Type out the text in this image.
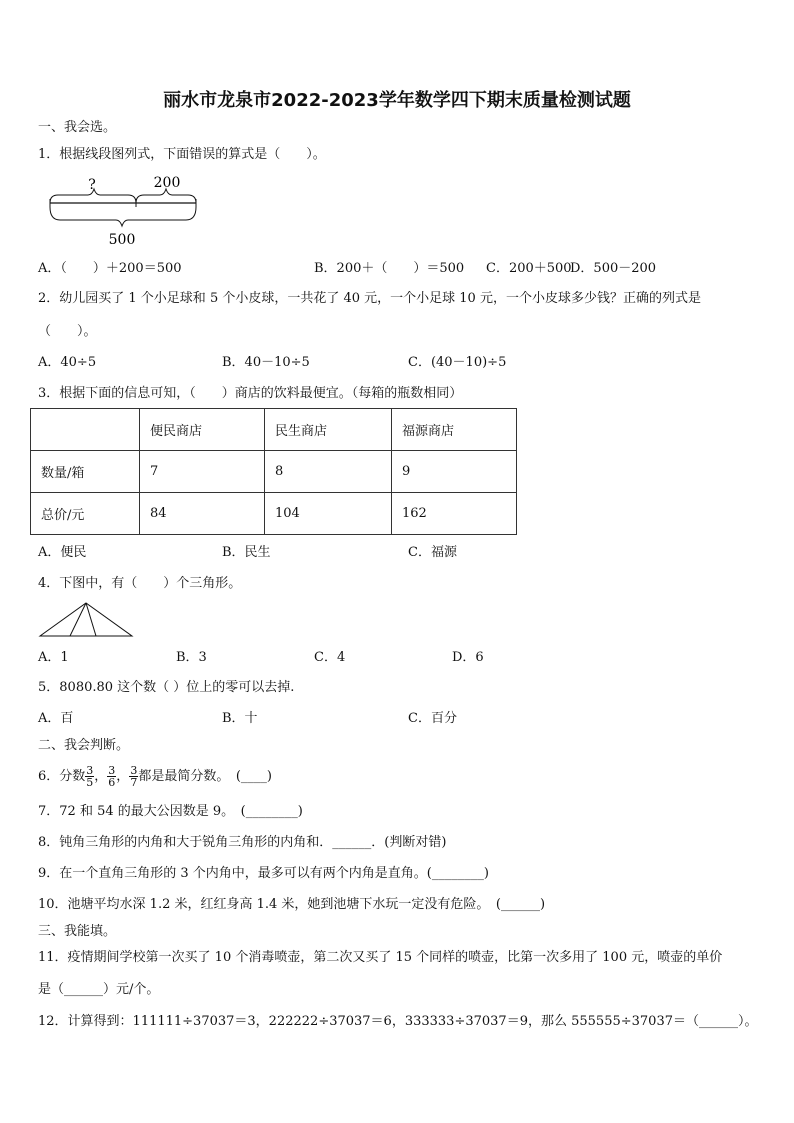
丽水市龙泉市2022-2023学年数学四下期末质量检测试题
一、我会选。
1．根据线段图列式，下面错误的算式是（　　）。
?	200
500
A．（　　）＋200＝500	B．200＋（　　）＝500 C．200＋500
D．500－200
2．幼儿园买了 1 个小足球和 5 个小皮球，一共花了 40 元，一个小足球 10 元，一个小皮球多少钱？正确的列式是
（　　）。
A．40÷5	B．40－10÷5	C．(40－10)÷5
3．根据下面的信息可知，（　　）商店的饮料最便宜。（每箱的瓶数相同）
	便民商店	民生商店	福源商店
数量/箱	7	8	9
总价/元	84	104	162
A．便民	B．民生	C．福源
4．下图中，有（　　）个三角形。
A．1	B．3	C．4	D．6
5．8080.80 这个数（ ）位上的零可以去掉.
A．百	B．十	C．百分
二、我会判断。
6．分数 $\frac{3}{5}$ ， $\frac{3}{6}$ ， $\frac{3}{7}$ 都是最简分数。　(____)
7．72 和 54 的最大公因数是 9。　(________)
8．钝角三角形的内角和大于锐角三角形的内角和．______．(判断对错)
9．在一个直角三角形的 3 个内角中，最多可以有两个内角是直角。(________)
10．池塘平均水深 1.2 米，红红身高 1.4 米，她到池塘下水玩一定没有危险。　(______)
三、我能填。
11．疫情期间学校第一次买了 10 个消毒喷壶，第二次又买了 15 个同样的喷壶，比第一次多用了 100 元，喷壶的单价
是（______）元/个。
12．计算得到：111111÷37037＝3，222222÷37037＝6，333333÷37037＝9，那么 555555÷37037＝（______）。
